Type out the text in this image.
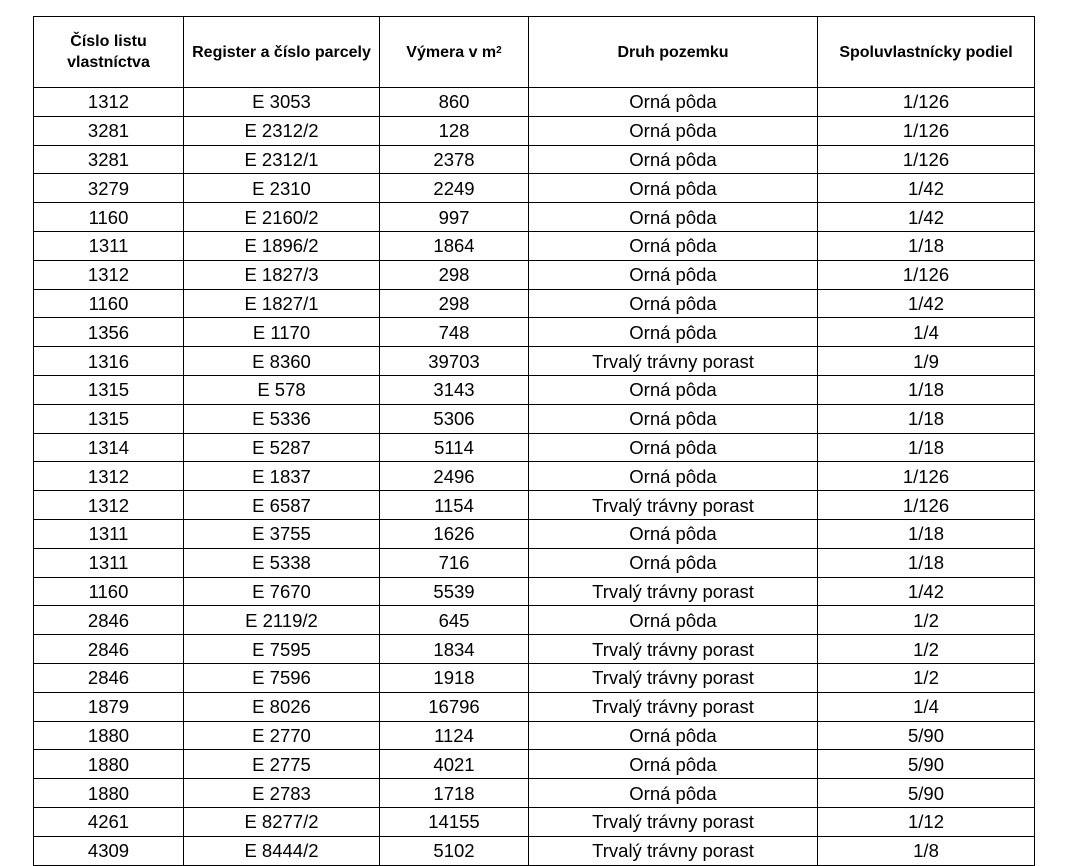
Číslo listu vlastníctva	Register a číslo parcely	Výmera v $m^2$	Druh pozemku	Spoluvlastnícky podiel
1312	E 3053	860	Orná pôda	1/126
3281	E 2312/2	128	Orná pôda	1/126
3281	E 2312/1	2378	Orná pôda	1/126
3279	E 2310	2249	Orná pôda	1/42
1160	E 2160/2	997	Orná pôda	1/42
1311	E 1896/2	1864	Orná pôda	1/18
1312	E 1827/3	298	Orná pôda	1/126
1160	E 1827/1	298	Orná pôda	1/42
1356	E 1170	748	Orná pôda	1/4
1316	E 8360	39703	Trvalý trávny porast	1/9
1315	E 578	3143	Orná pôda	1/18
1315	E 5336	5306	Orná pôda	1/18
1314	E 5287	5114	Orná pôda	1/18
1312	E 1837	2496	Orná pôda	1/126
1312	E 6587	1154	Trvalý trávny porast	1/126
1311	E 3755	1626	Orná pôda	1/18
1311	E 5338	716	Orná pôda	1/18
1160	E 7670	5539	Trvalý trávny porast	1/42
2846	E 2119/2	645	Orná pôda	1/2
2846	E 7595	1834	Trvalý trávny porast	1/2
2846	E 7596	1918	Trvalý trávny porast	1/2
1879	E 8026	16796	Trvalý trávny porast	1/4
1880	E 2770	1124	Orná pôda	5/90
1880	E 2775	4021	Orná pôda	5/90
1880	E 2783	1718	Orná pôda	5/90
4261	E 8277/2	14155	Trvalý trávny porast	1/12
4309	E 8444/2	5102	Trvalý trávny porast	1/8
